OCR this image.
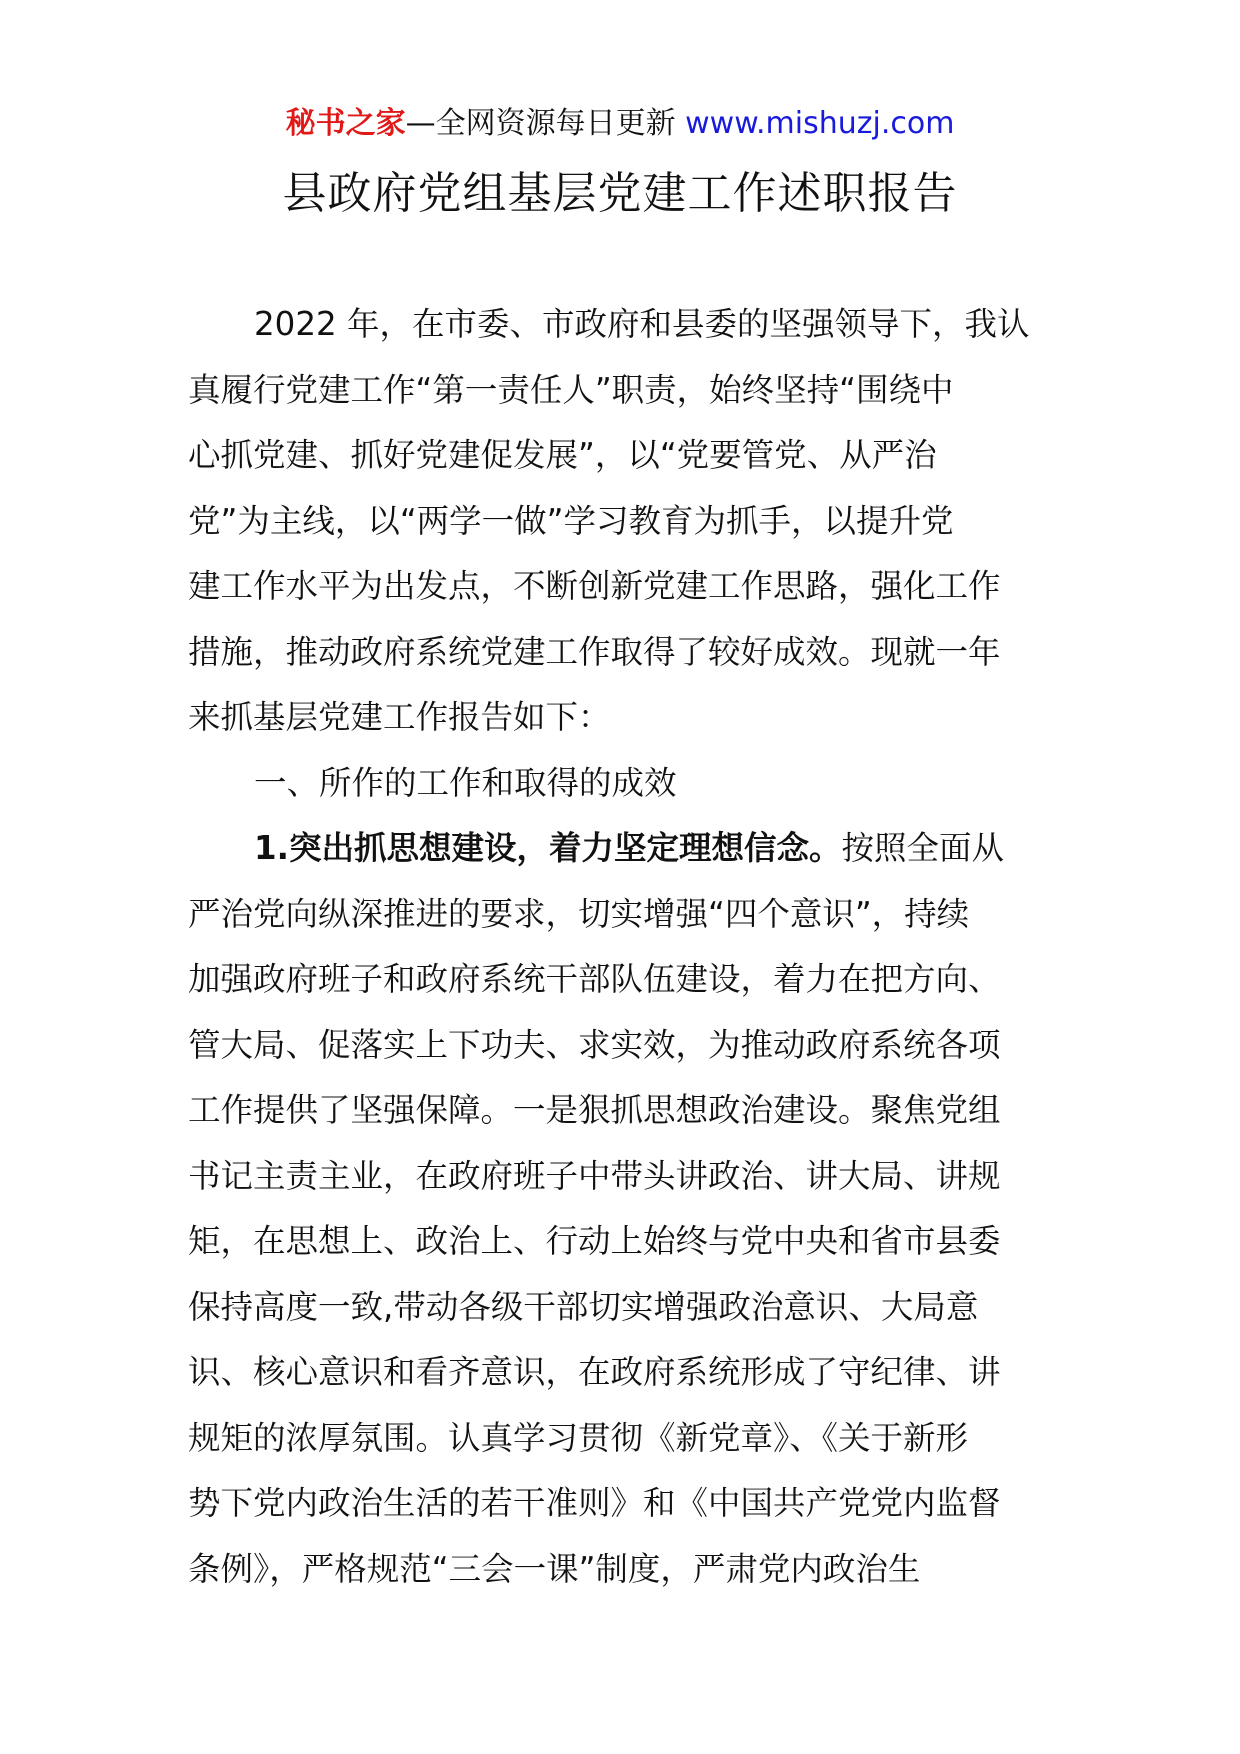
秘书之家—全网资源每日更新 www.mishuzj.com
县政府党组基层党建工作述职报告
2022 年，在市委、市政府和县委的坚强领导下，我认
真履行党建工作“第一责任人”职责，始终坚持“围绕中
心抓党建、抓好党建促发展”，以“党要管党、从严治
党”为主线，以“两学一做”学习教育为抓手，以提升党
建工作水平为出发点，不断创新党建工作思路，强化工作
措施，推动政府系统党建工作取得了较好成效。现就一年
来抓基层党建工作报告如下：
一、所作的工作和取得的成效
1.突出抓思想建设，着力坚定理想信念。按照全面从
严治党向纵深推进的要求，切实增强“四个意识”，持续
加强政府班子和政府系统干部队伍建设，着力在把方向、
管大局、促落实上下功夫、求实效，为推动政府系统各项
工作提供了坚强保障。一是狠抓思想政治建设。聚焦党组
书记主责主业，在政府班子中带头讲政治、讲大局、讲规
矩，在思想上、政治上、行动上始终与党中央和省市县委
保持高度一致,带动各级干部切实增强政治意识、大局意
识、核心意识和看齐意识，在政府系统形成了守纪律、讲
规矩的浓厚氛围。认真学习贯彻《新党章》、《关于新形
势下党内政治生活的若干准则》和《中国共产党党内监督
条例》，严格规范“三会一课”制度，严肃党内政治生
